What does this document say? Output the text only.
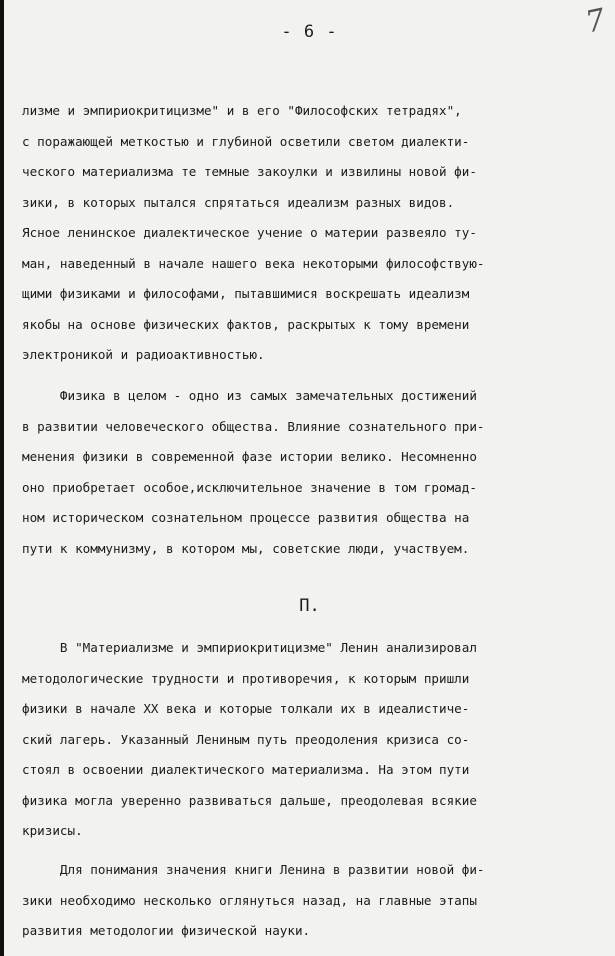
- 6 -	7
лизме и эмпириокритицизме" и в его "Философских тетрадях",
с поражающей меткостью и глубиной осветили светом диалекти-
ческого материализма те темные закоулки и извилины новой фи-
зики, в которых пытался спрятаться идеализм разных видов.
Ясное ленинское диалектическое учение о материи развеяло ту-
ман, наведенный в начале нашего века некоторыми философствую-
щими физиками и философами, пытавшимися воскрешать идеализм
якобы на основе физических фактов, раскрытых к тому времени
электроникой и радиоактивностью.
Физика в целом - одно из самых замечательных достижений
в развитии человеческого общества. Влияние сознательного при-
менения физики в современной фазе истории велико. Несомненно
оно приобретает особое,исключительное значение в том громад-
ном историческом сознательном процессе развития общества на
пути к коммунизму, в котором мы, советские люди, участвуем.
П.
В "Материализме и эмпириокритицизме" Ленин анализировал
методологические трудности и противоречия, к которым пришли
физики в начале XX века и которые толкали их в идеалистиче-
ский лагерь. Указанный Лениным путь преодоления кризиса со-
стоял в освоении диалектического материализма. На этом пути
физика могла уверенно развиваться дальше, преодолевая всякие
кризисы.
Для понимания значения книги Ленина в развитии новой фи-
зики необходимо несколько оглянуться назад, на главные этапы
развития методологии физической науки.
